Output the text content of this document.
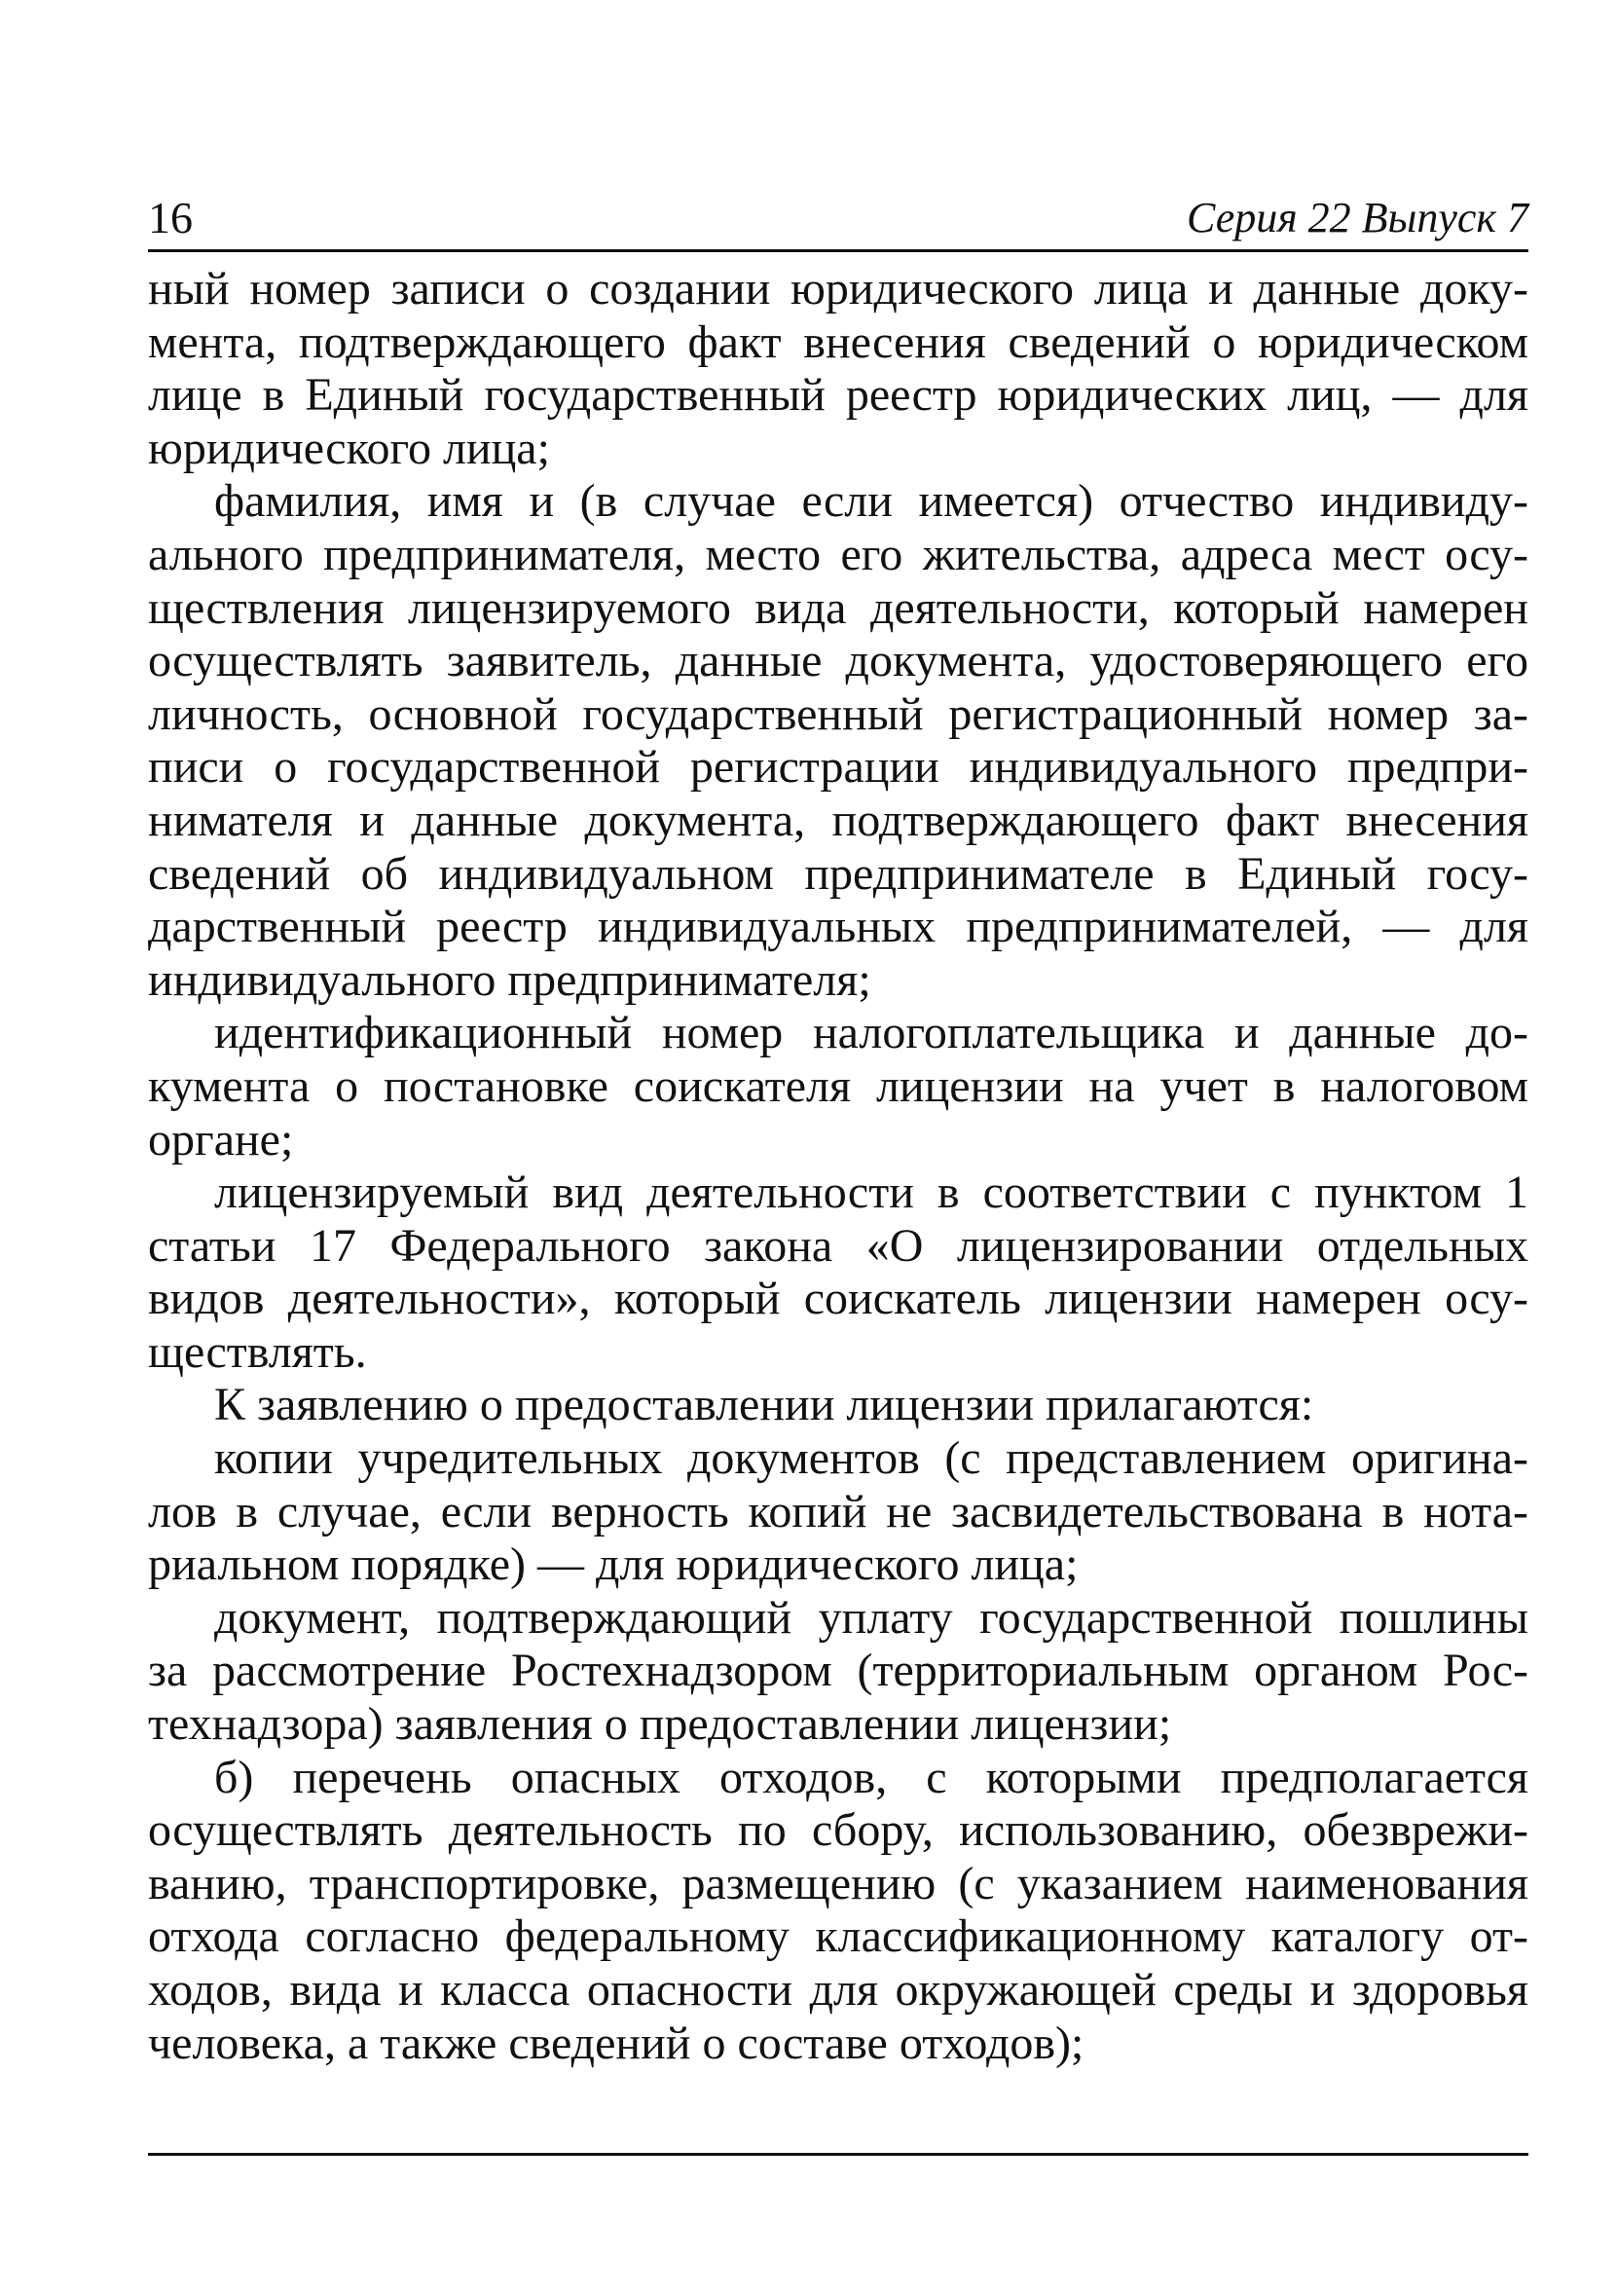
16	Серия 22 Выпуск 7

ный номер записи о создании юридического лица и данные доку-
мента, подтверждающего факт внесения сведений о юридическом
лице в Единый государственный реестр юридических лиц, — для
юридического лица;

фамилия, имя и (в случае если имеется) отчество индивиду-
ального предпринимателя, место его жительства, адреса мест осу-
ществления лицензируемого вида деятельности, который намерен
осуществлять заявитель, данные документа, удостоверяющего его
личность, основной государственный регистрационный номер за-
писи о государственной регистрации индивидуального предпри-
нимателя и данные документа, подтверждающего факт внесения
сведений об индивидуальном предпринимателе в Единый госу-
дарственный реестр индивидуальных предпринимателей, — для
индивидуального предпринимателя;

идентификационный номер налогоплательщика и данные до-
кумента о постановке соискателя лицензии на учет в налоговом
органе;

лицензируемый вид деятельности в соответствии с пунктом 1
статьи 17 Федерального закона «О лицензировании отдельных
видов деятельности», который соискатель лицензии намерен осу-
ществлять.

К заявлению о предоставлении лицензии прилагаются:

копии учредительных документов (с представлением оригина-
лов в случае, если верность копий не засвидетельствована в нота-
риальном порядке) — для юридического лица;

документ, подтверждающий уплату государственной пошлины
за рассмотрение Ростехнадзором (территориальным органом Рос-
технадзора) заявления о предоставлении лицензии;

б) перечень опасных отходов, с которыми предполагается
осуществлять деятельность по сбору, использованию, обезврежи-
ванию, транспортировке, размещению (с указанием наименования
отхода согласно федеральному классификационному каталогу от-
ходов, вида и класса опасности для окружающей среды и здоровья
человека, а также сведений о составе отходов);
